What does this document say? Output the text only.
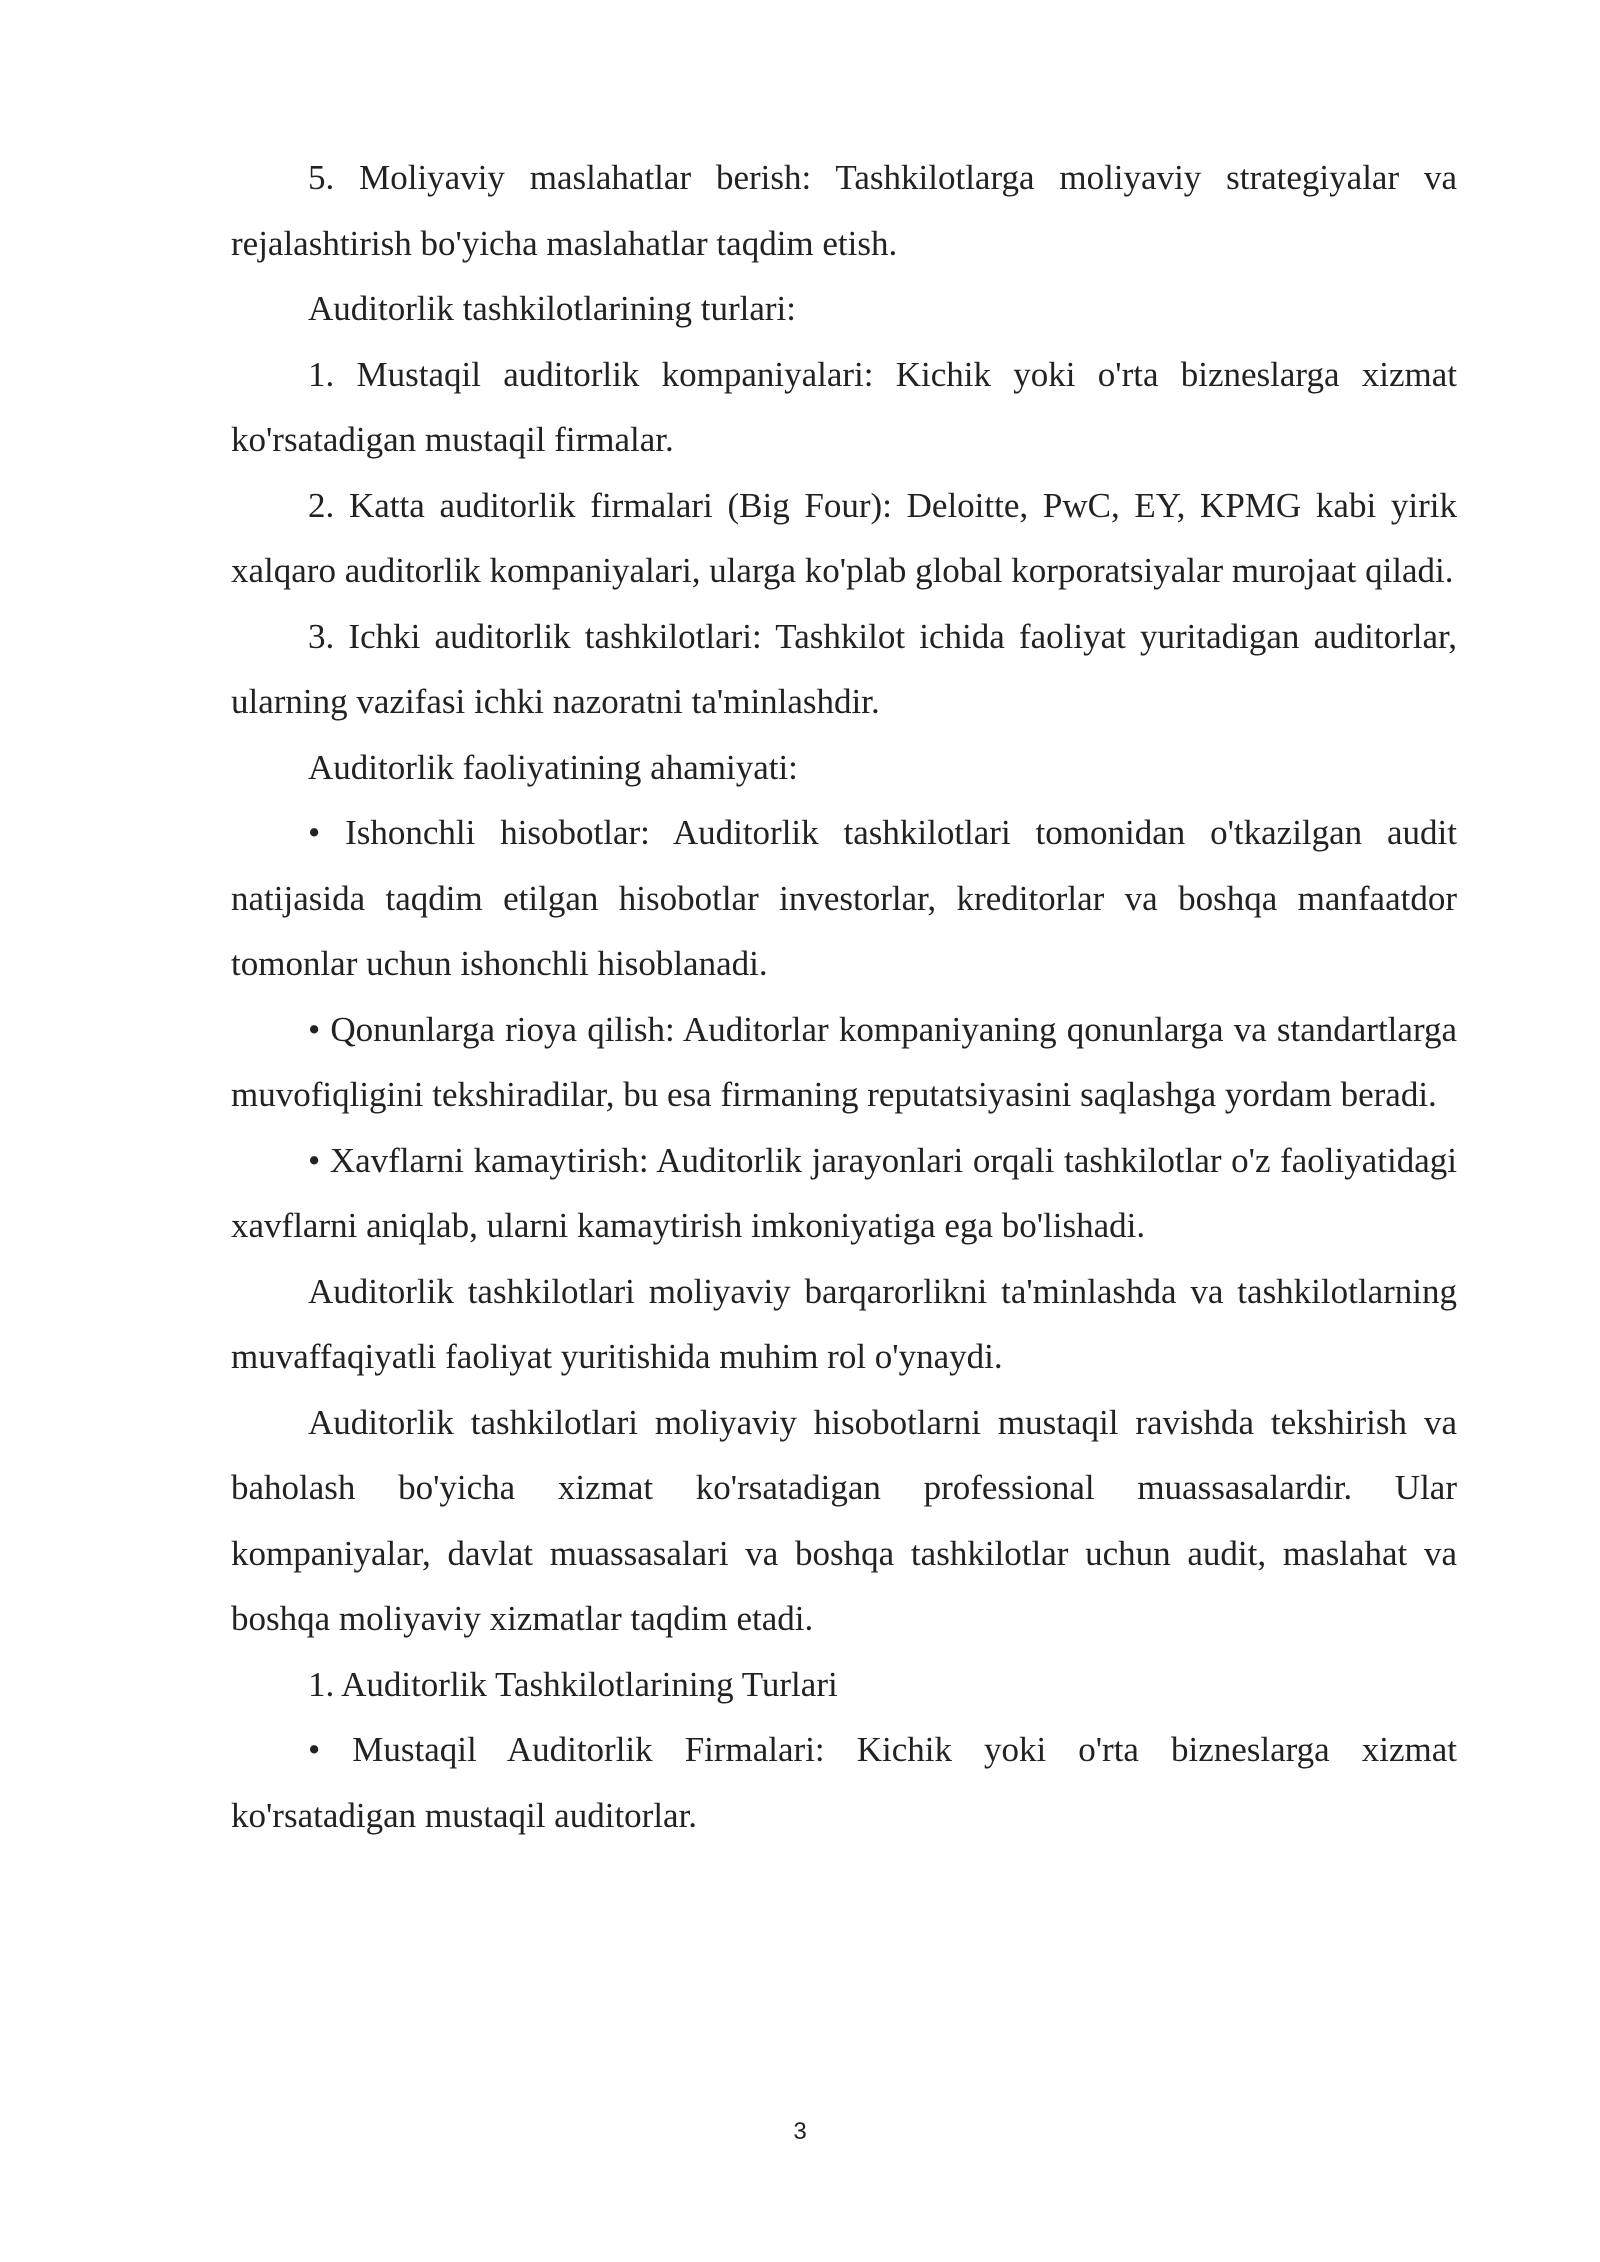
5. Moliyaviy maslahatlar berish: Tashkilotlarga moliyaviy strategiyalar va rejalashtirish bo'yicha maslahatlar taqdim etish.

Auditorlik tashkilotlarining turlari:

1. Mustaqil auditorlik kompaniyalari: Kichik yoki o'rta bizneslarga xizmat ko'rsatadigan mustaqil firmalar.

2. Katta auditorlik firmalari (Big Four): Deloitte, PwC, EY, KPMG kabi yirik xalqaro auditorlik kompaniyalari, ularga ko'plab global korporatsiyalar murojaat qiladi.

3. Ichki auditorlik tashkilotlari: Tashkilot ichida faoliyat yuritadigan auditorlar, ularning vazifasi ichki nazoratni ta'minlashdir.

Auditorlik faoliyatining ahamiyati:

• Ishonchli hisobotlar: Auditorlik tashkilotlari tomonidan o'tkazilgan audit natijasida taqdim etilgan hisobotlar investorlar, kreditorlar va boshqa manfaatdor tomonlar uchun ishonchli hisoblanadi.

• Qonunlarga rioya qilish: Auditorlar kompaniyaning qonunlarga va standartlarga muvofiqligini tekshiradilar, bu esa firmaning reputatsiyasini saqlashga yordam beradi.

• Xavflarni kamaytirish: Auditorlik jarayonlari orqali tashkilotlar o'z faoliyatidagi xavflarni aniqlab, ularni kamaytirish imkoniyatiga ega bo'lishadi.

Auditorlik tashkilotlari moliyaviy barqarorlikni ta'minlashda va tashkilotlarning muvaffaqiyatli faoliyat yuritishida muhim rol o'ynaydi.

Auditorlik tashkilotlari moliyaviy hisobotlarni mustaqil ravishda tekshirish va baholash bo'yicha xizmat ko'rsatadigan professional muassasalardir. Ular kompaniyalar, davlat muassasalari va boshqa tashkilotlar uchun audit, maslahat va boshqa moliyaviy xizmatlar taqdim etadi.

1. Auditorlik Tashkilotlarining Turlari

• Mustaqil Auditorlik Firmalari: Kichik yoki o'rta bizneslarga xizmat ko'rsatadigan mustaqil auditorlar.

3
